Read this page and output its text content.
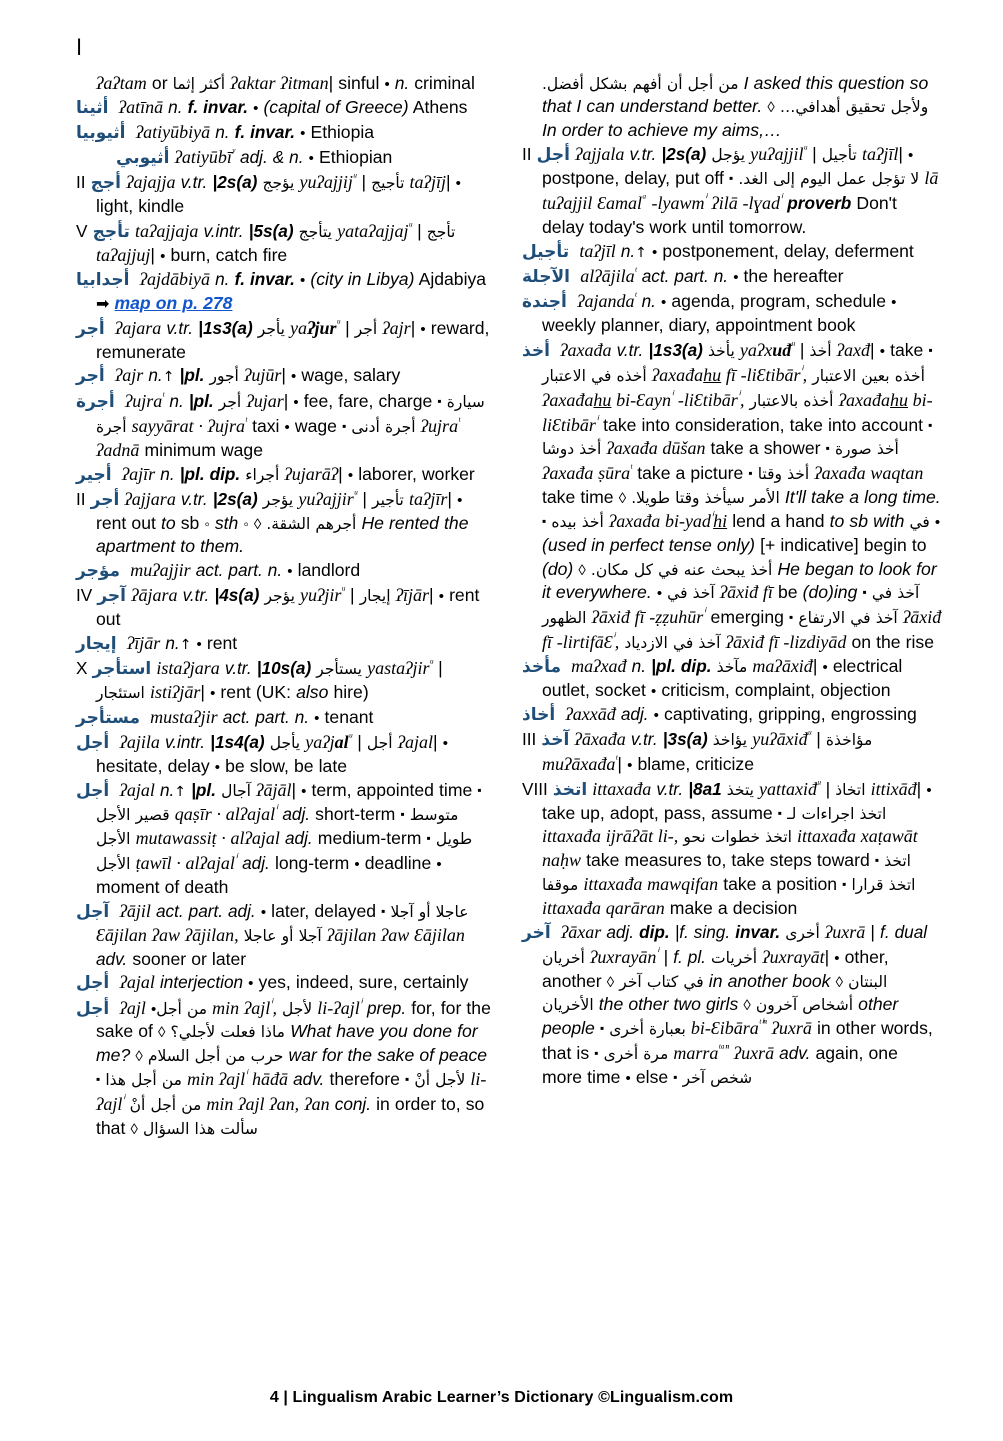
ا

ʔaʔtam or أكثر إثما ʔaktar ʔitman| sinful • n. criminal

أثينا ʔatīnā n. f. invar. • (capital of Greece) Athens

أثيوبيا ʔatiyūbiyā n. f. invar. • Ethiopia

أثيوبي ʔatiyūbī$^ʸ$ adj. & n. • Ethiopian

II أجج ʔajajja v.tr. |2s(a) يؤجج yuʔajjij$^ᵘ$ | تأجيج taʔjīj| • light, kindle

V تأجج taʔajjaja v.intr. |5s(a) يتأجج yataʔajjaj$^ᵘ$ | تأجج taʔajjuj| • burn, catch fire

أجدابيا ʔajdābiyā n. f. invar. • (city in Libya) Ajdabiya ➡ map on p. 278

أجر ʔajara v.tr. |1s3(a) يأجر yaʔjur$^ᵘ$ | أجر ʔajr| • reward, remunerate

أجر ʔajr n.↑ |pl. أجور ʔujūr| • wage, salary

أجرة ʔujra$^ᵗ$ n. |pl. أجر ʔujar| • fee, fare, charge ▪ سيارة أجرة sayyārat · ʔujra$^ᵗ$ taxi • wage ▪ أجرة أدنى ʔujra$^ᵗ$ ʔadnā minimum wage

أجير ʔajīr n. |pl. dip. أجراء ʔujarāʔ| • laborer, worker

II أجر ʔajjara v.tr. |2s(a) يؤجر yuʔajjir$^ᵘ$ | تأجير taʔjīr| • rent out to sb ◦ sth ◦ ◊ أجرهم الشقة. He rented the apartment to them.

مؤجر muʔajjir act. part. n. • landlord

IV آجر ʔājara v.tr. |4s(a) يؤجر yuʔjir$^ᵘ$ | إيجار ʔījār| • rent out

إيجار ʔījār n.↑ • rent

X استأجر istaʔjara v.tr. |10s(a) يستأجر yastaʔjir$^ᵘ$ | استئجار istiʔjār| • rent (UK: also hire)

مستأجر mustaʔjir act. part. n. • tenant

أجل ʔajila v.intr. |1s4(a) يأجل yaʔjal$^ᵘ$ | أجل ʔajal| • hesitate, delay • be slow, be late

أجل ʔajal n.↑ |pl. آجال ʔājāl| • term, appointed time ▪ قصير الأجل qaṣīr · alʔajal$^{^i}$ adj. short-term ▪ متوسط الأجل mutawassiṭ · alʔajal adj. medium-term ▪ طويل الأجل ṭawīl · alʔajal$^{^i}$ adj. long-term • deadline • moment of death

آجل ʔājil act. part. adj. • later, delayed ▪ عاجلا أو آجلا Ɛājilan ʔaw ʔājilan, آجلا أو عاجلا ʔājilan ʔaw Ɛājilan adv. sooner or later

أجل ʔajal interjection • yes, indeed, sure, certainly

أجل ʔajl •من أجل min ʔajl$^{^i}$, لأجل li-ʔajl$^{^i}$ prep. for, for the sake of ◊ ماذا فعلت لأجلي؟ What have you done for me? ◊ حرب من أجل السلام war for the sake of peace ▪ من أجل هذا min ʔajl$^{^i}$ hāđā adv. therefore ▪ لأجل أنْ li-ʔajl$^{^i}$ من أجل أنْ min ʔajl ʔan, ʔan conj. in order to, so that ◊ سألت هذا السؤال

من أجل أن أفهم بشكل أفضل. I asked this question so that I can understand better. ◊ ولأجل تحقيق أهدافي… In order to achieve my aims,…

II أجل ʔajjala v.tr. |2s(a) يؤجل yuʔajjil$^ᵘ$ | تأجيل taʔjīl| • postpone, delay, put off ▪ لا تؤجل عمل اليوم إلى الغد. lā tuʔajjil Ɛamal$^ᵃ$ -lyawm$^{^i}$ ʔilā -lɣad$^{^i}$ proverb Don't delay today's work until tomorrow.

تأجيل taʔjīl n.↑ • postponement, delay, deferment

الآجلة alʔājila$^ᵗ$ act. part. n. • the hereafter

أجندة ʔajanda$^ᵗ$ n. • agenda, program, schedule • weekly planner, diary, appointment book

أخذ ʔaxađa v.tr. |1s3(a) يأخذ yaʔxuđ$^ᵘ$ | أخذ ʔaxđ| • take ▪ أخذه في الاعتبار ʔaxađahu fī -liƐtibār$^{^i}$, أخذه بعين الاعتبار ʔaxađahu bi-Ɛayn$^{^i}$ -liƐtibār$^{^i}$, أخذه بالاعتبار ʔaxađahu bi-liƐtibār$^{^i}$ take into consideration, take into account ▪ أخذ دوشا ʔaxađa dūšan take a shower ▪ أخذ صورة ʔaxađa ṣūra$^ᵗ$ take a picture ▪ أخذ وقتا ʔaxađa waqtan take time ◊ الأمر سيأخذ وقتا طويلا. It'll take a long time. ▪ أخذ بيده ʔaxađa bi-yad$^{^i}$hi lend a hand to sb with في • (used in perfect tense only) [+ indicative] begin to (do) ◊ أخذ يبحث عنه في كل مكان. He began to look for it everywhere. • آخذ في ʔāxiđ fī be (do)ing ▪ آخذ في الظهور ʔāxiđ fī -ẓẓuhūr$^{^i}$ emerging ▪ آخذ في الارتفاع ʔāxiđ fī -lirtifāƐ$^{^i}$, آخذ في الازدياد ʔāxiđ fī -lizdiyād on the rise

مأخذ maʔxađ n. |pl. dip. مآخذ maʔāxiđ| • electrical outlet, socket • criticism, complaint, objection

أخاذ ʔaxxāđ adj. • captivating, gripping, engrossing

III آخذ ʔāxađa v.tr. |3s(a) يؤاخذ yuʔāxiđ$^ᵘ$ | مؤاخذة muʔāxađa$^ᵗ$| • blame, criticize

VIII اتخذ ittaxađa v.tr. |8a1 يتخذ yattaxiđ$^ᵘ$ | اتخاذ ittixāđ| • take up, adopt, pass, assume ▪ اتخذ اجراءات لـ ittaxađa ijrāʔāt li-, اتخذ خطوات نحو ittaxađa xaṭawāt naḥw take measures to, take steps toward ▪ اتخذ موقفا ittaxađa mawqifan take a position ▪ اتخذ قرارا ittaxađa qarāran make a decision

آخر ʔāxar adj. dip. |f. sing. invar. أخرى ʔuxrā | f. dual أخريان ʔuxrayān$^{^i}$ | f. pl. أخريات ʔuxrayāt| • other, another ◊ في كتاب آخر in another book ◊ البنتان الأخريان the other two girls ◊ أشخاص آخرون other people ▪ بعبارة أخرى bi-Ɛibāra$^{ᵗ^{in}}$ ʔuxrā in other words, that is ▪ مرة أخرى marra$^{ᵗᵃ^n}$ ʔuxrā adv. again, one more time • else ▪ شخص آخر

4 | Lingualism Arabic Learner’s Dictionary ©Lingualism.com
